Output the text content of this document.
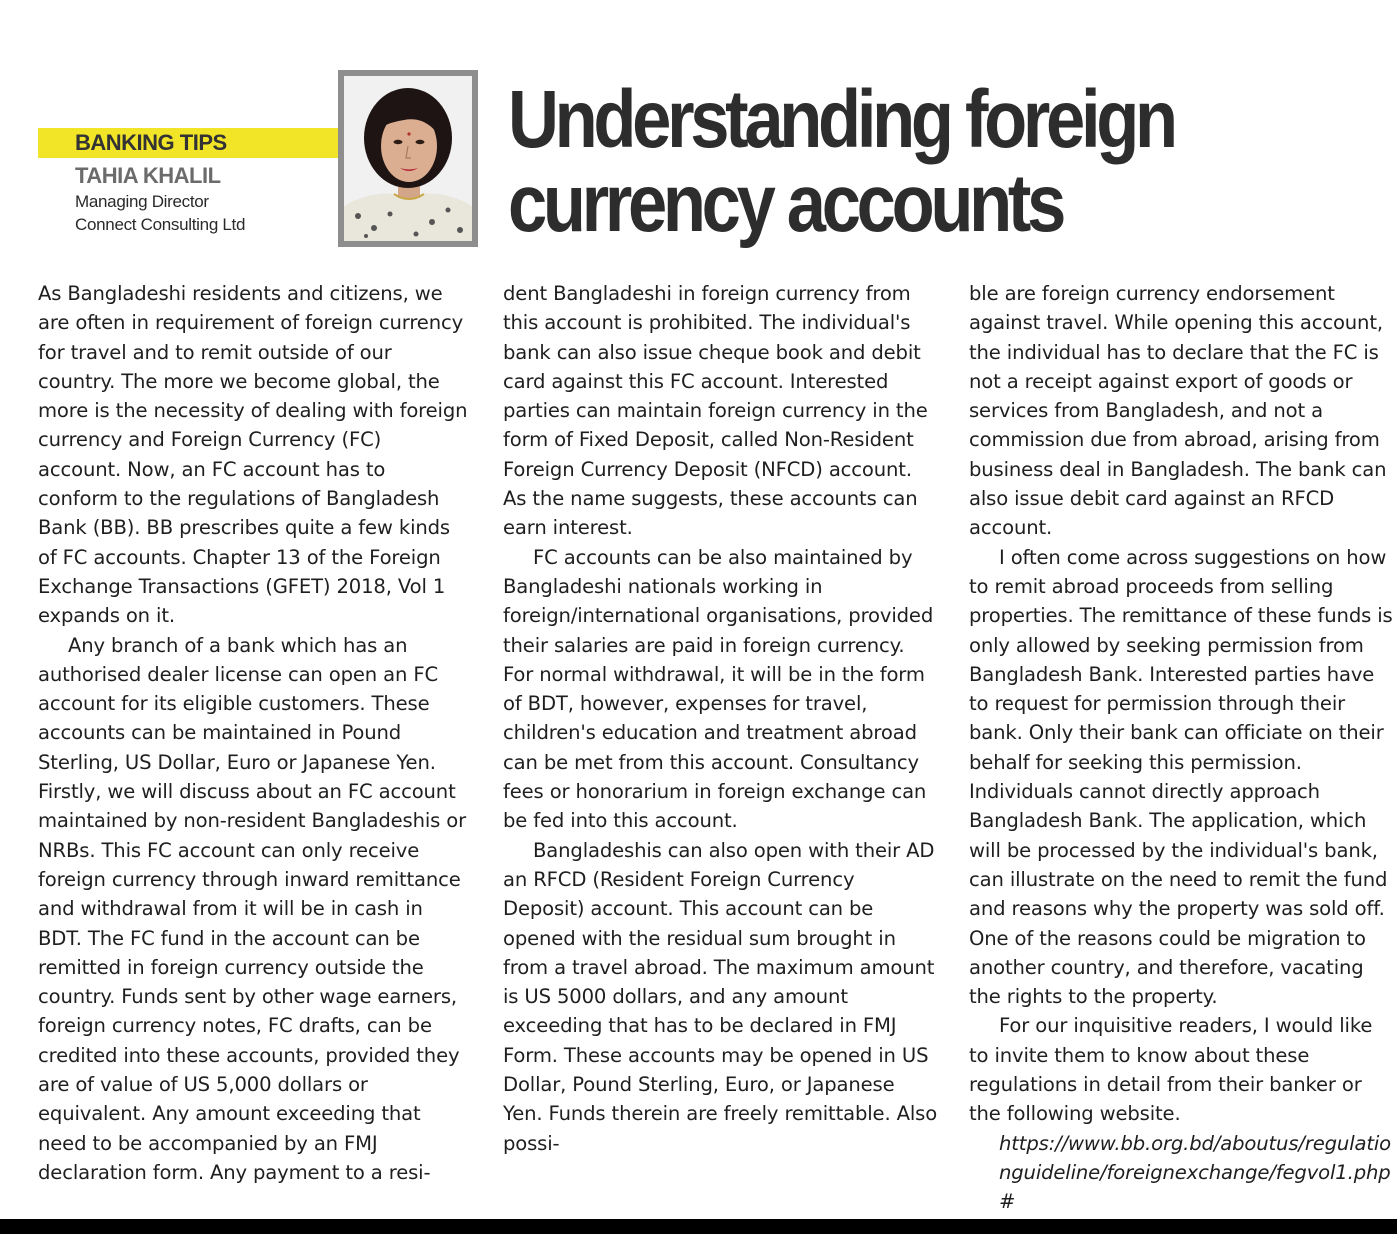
BANKING TIPS
TAHIA KHALIL
Managing Director
Connect Consulting Ltd
Understanding foreign currency accounts

As Bangladeshi residents and citizens, we are often in requirement of foreign currency for travel and to remit outside of our country. The more we become global, the more is the necessity of dealing with foreign currency and Foreign Currency (FC) account. Now, an FC account has to conform to the regulations of Bangladesh Bank (BB). BB prescribes quite a few kinds of FC accounts. Chapter 13 of the Foreign Exchange Transactions (GFET) 2018, Vol 1 expands on it.

Any branch of a bank which has an authorised dealer license can open an FC account for its eligible customers. These accounts can be maintained in Pound Sterling, US Dollar, Euro or Japanese Yen. Firstly, we will discuss about an FC account maintained by non-resident Bangladeshis or NRBs. This FC account can only receive foreign currency through inward remittance and withdrawal from it will be in cash in BDT. The FC fund in the account can be remitted in foreign currency outside the country. Funds sent by other wage earners, foreign currency notes, FC drafts, can be credited into these accounts, provided they are of value of US 5,000 dollars or equivalent. Any amount exceeding that need to be accompanied by an FMJ declaration form. Any payment to a resi-

dent Bangladeshi in foreign currency from this account is prohibited. The individual's bank can also issue cheque book and debit card against this FC account. Interested parties can maintain foreign currency in the form of Fixed Deposit, called Non-Resident Foreign Currency Deposit (NFCD) account. As the name suggests, these accounts can earn interest.

FC accounts can be also maintained by Bangladeshi nationals working in foreign/international organisations, provided their salaries are paid in foreign currency. For normal withdrawal, it will be in the form of BDT, however, expenses for travel, children's education and treatment abroad can be met from this account. Consultancy fees or honorarium in foreign exchange can be fed into this account.

Bangladeshis can also open with their AD an RFCD (Resident Foreign Currency Deposit) account. This account can be opened with the residual sum brought in from a travel abroad. The maximum amount is US 5000 dollars, and any amount exceeding that has to be declared in FMJ Form. These accounts may be opened in US Dollar, Pound Sterling, Euro, or Japanese Yen. Funds therein are freely remittable. Also possi-

ble are foreign currency endorsement against travel. While opening this account, the individual has to declare that the FC is not a receipt against export of goods or services from Bangladesh, and not a commission due from abroad, arising from business deal in Bangladesh. The bank can also issue debit card against an RFCD account.

I often come across suggestions on how to remit abroad proceeds from selling properties. The remittance of these funds is only allowed by seeking permission from Bangladesh Bank. Interested parties have to request for permission through their bank. Only their bank can officiate on their behalf for seeking this permission. Individuals cannot directly approach Bangladesh Bank. The application, which will be processed by the individual's bank, can illustrate on the need to remit the fund and reasons why the property was sold off. One of the reasons could be migration to another country, and therefore, vacating the rights to the property.

For our inquisitive readers, I would like to invite them to know about these regulations in detail from their banker or the following website.

https://www.bb.org.bd/aboutus/regulationguideline/foreignexchange/fegvol1.php#
